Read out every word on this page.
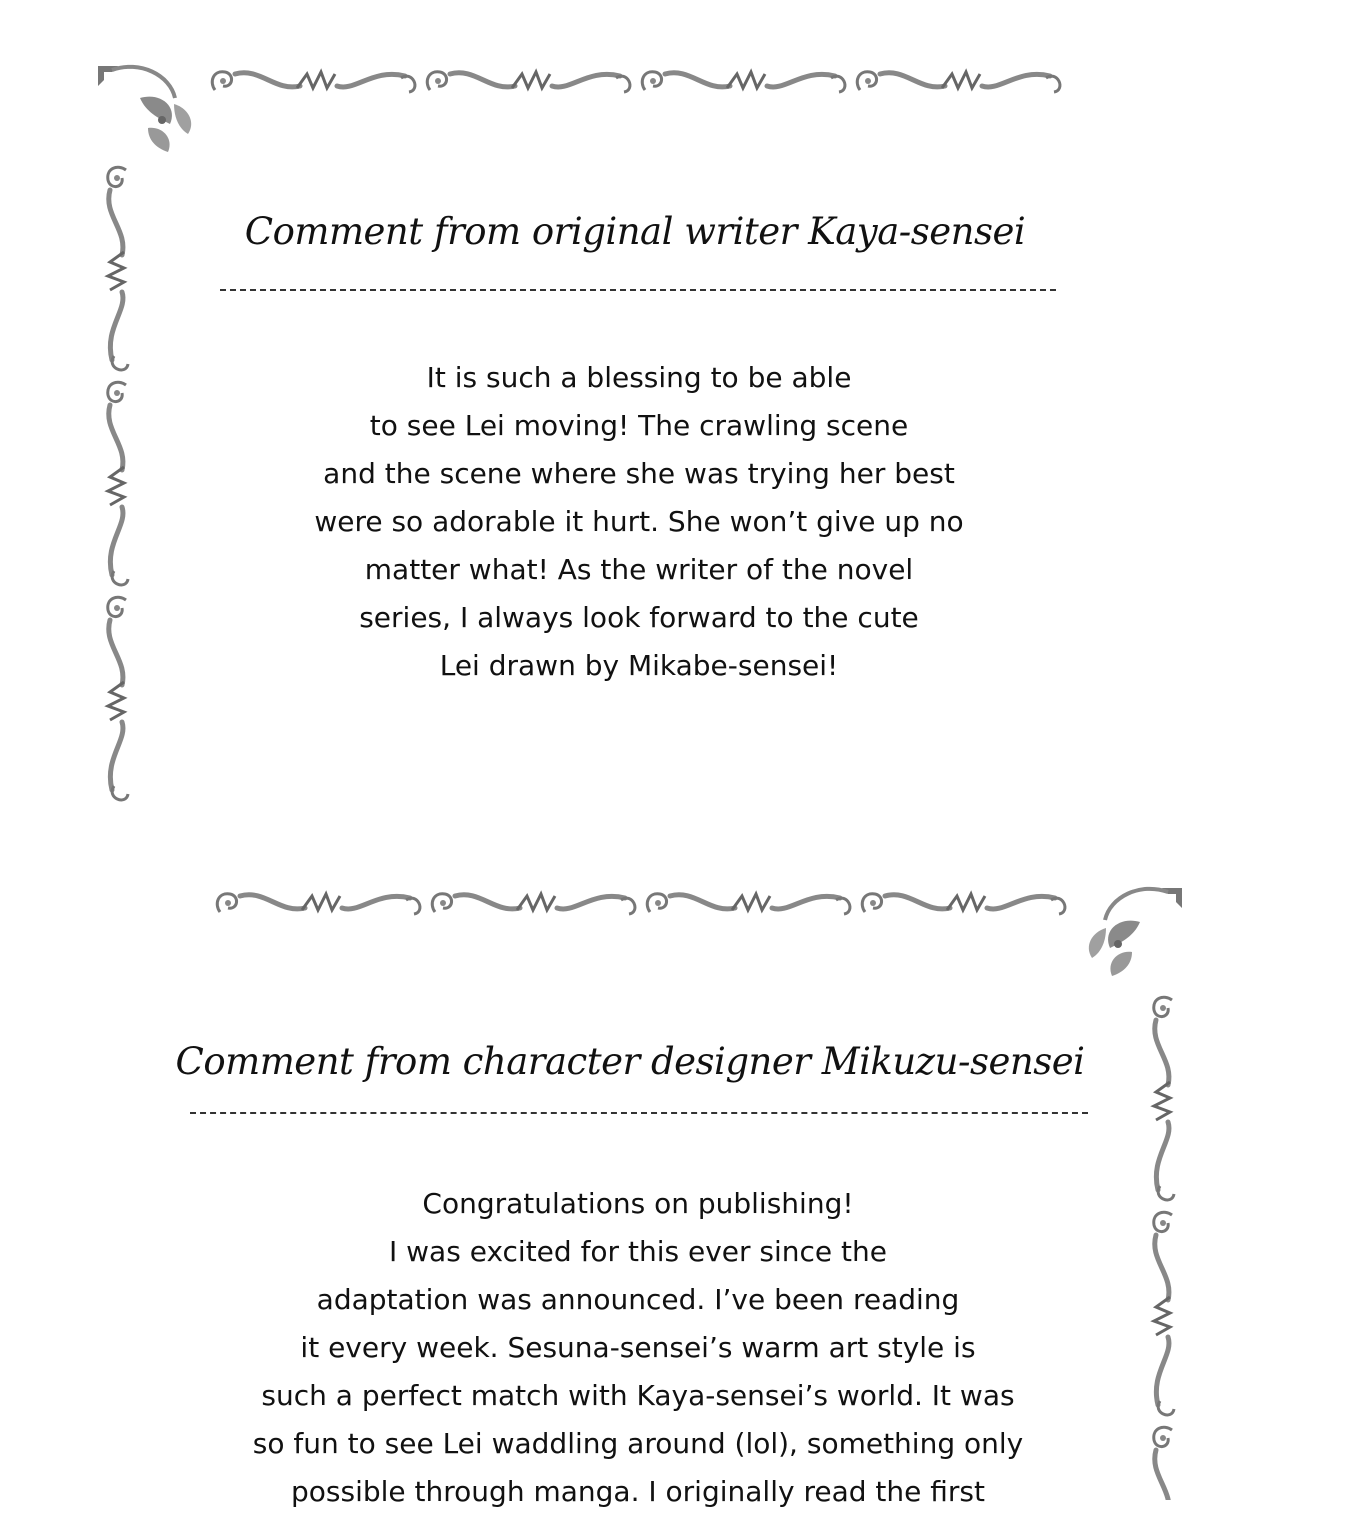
Comment from original writer Kaya-sensei
It is such a blessing to be able
to see Lei moving! The crawling scene
and the scene where she was trying her best
were so adorable it hurt. She won’t give up no
matter what! As the writer of the novel
series, I always look forward to the cute
Lei drawn by Mikabe-sensei!
Comment from character designer Mikuzu-sensei
Congratulations on publishing!
I was excited for this ever since the
adaptation was announced. I’ve been reading
it every week. Sesuna-sensei’s warm art style is
such a perfect match with Kaya-sensei’s world. It was
so fun to see Lei waddling around (lol), something only
possible through manga. I originally read the first
